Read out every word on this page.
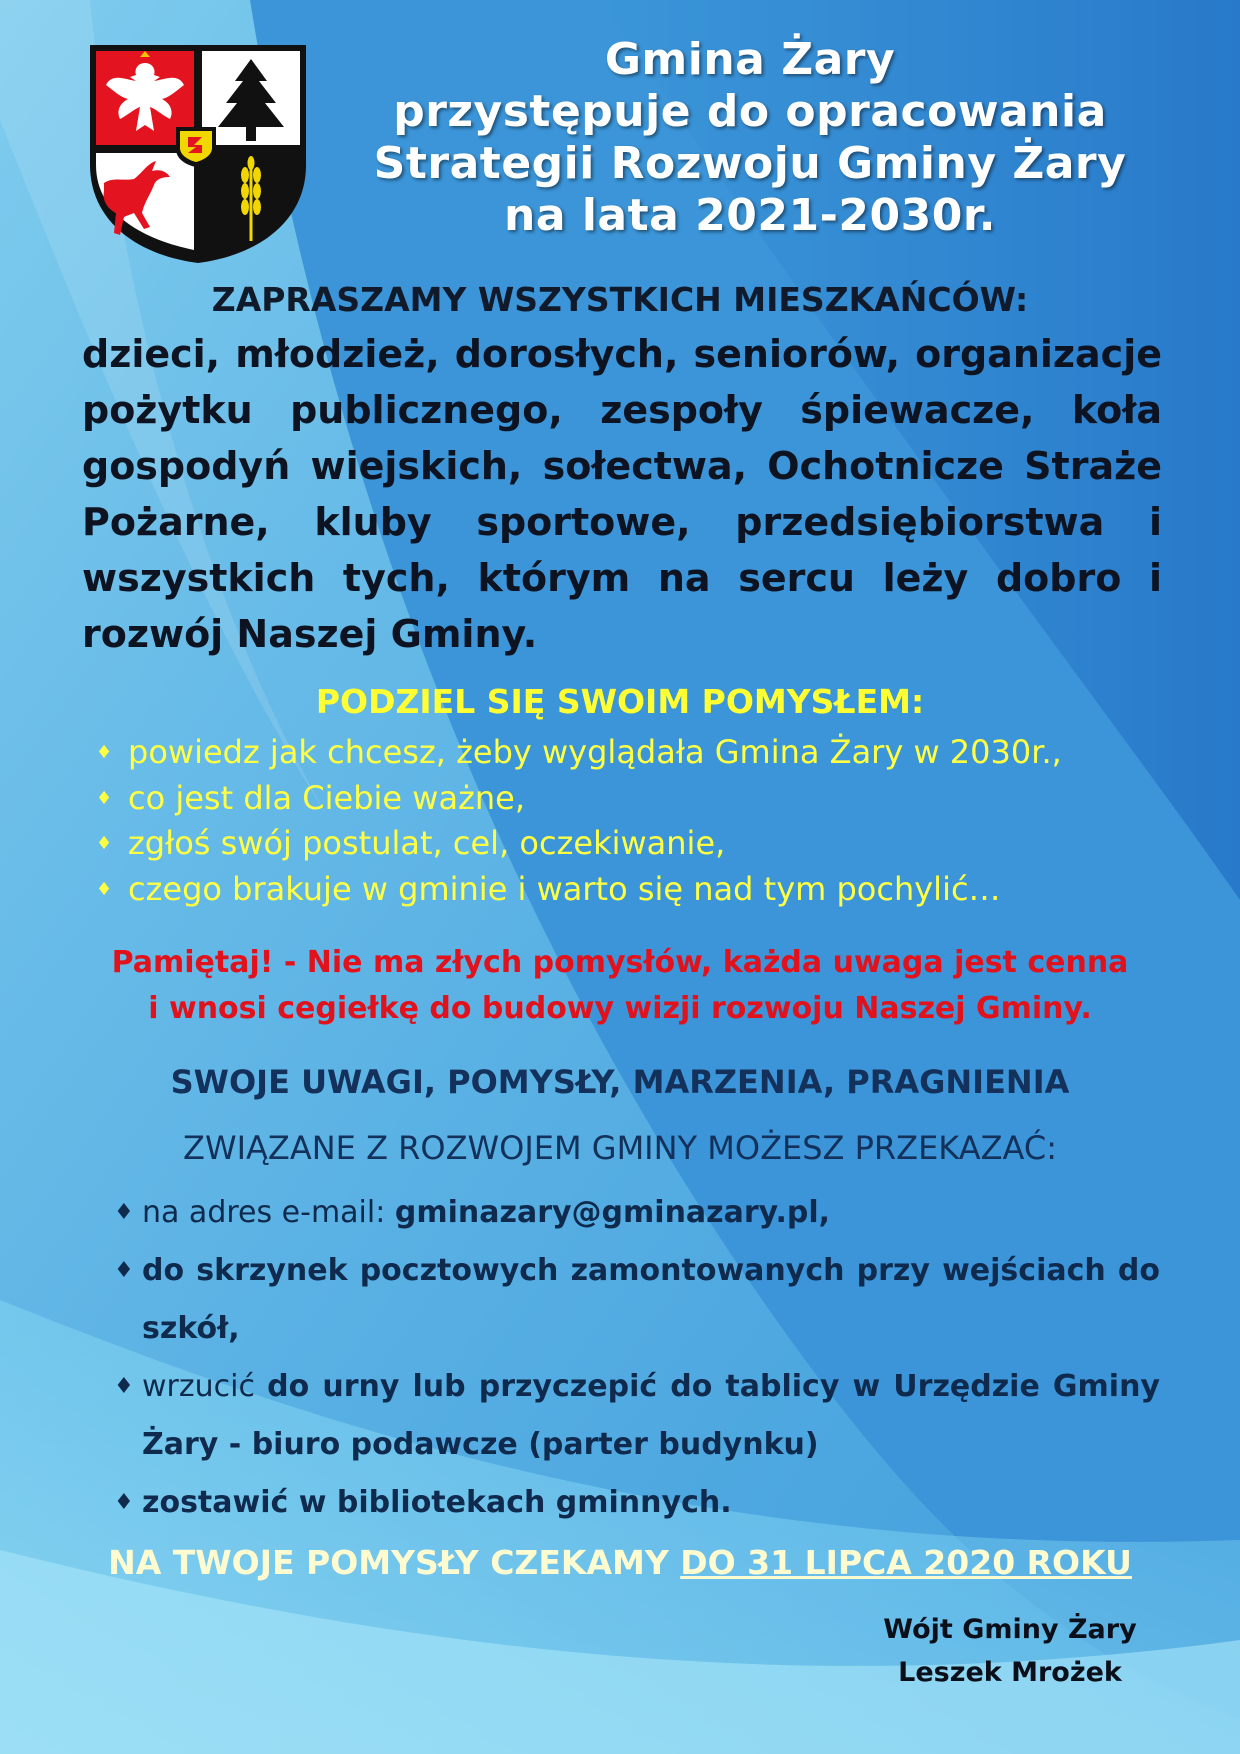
Gmina Żary
przystępuje do opracowania
Strategii Rozwoju Gminy Żary
na lata 2021-2030r.
ZAPRASZAMY WSZYSTKICH MIESZKAŃCÓW:
dzieci, młodzież, dorosłych, seniorów, organizacje pożytku publicznego, zespoły śpiewacze, koła gospodyń wiejskich, sołectwa, Ochotnicze Straże Pożarne, kluby sportowe, przedsiębiorstwa i wszystkich tych, którym na sercu leży dobro i rozwój Naszej Gminy.
PODZIEL SIĘ SWOIM POMYSŁEM:
♦ powiedz jak chcesz, żeby wyglądała Gmina Żary w 2030r.,
♦ co jest dla Ciebie ważne,
♦ zgłoś swój postulat, cel, oczekiwanie,
♦ czego brakuje w gminie i warto się nad tym pochylić…
Pamiętaj! - Nie ma złych pomysłów, każda uwaga jest cenna
i wnosi cegiełkę do budowy wizji rozwoju Naszej Gminy.
SWOJE UWAGI, POMYSŁY, MARZENIA, PRAGNIENIA
ZWIĄZANE Z ROZWOJEM GMINY MOŻESZ PRZEKAZAĆ:
♦ na adres e-mail: gminazary@gminazary.pl,
♦ do skrzynek pocztowych zamontowanych przy wejściach do szkół,
♦ wrzucić do urny lub przyczepić do tablicy w Urzędzie Gminy Żary - biuro podawcze (parter budynku)
♦ zostawić w bibliotekach gminnych.
NA TWOJE POMYSŁY CZEKAMY DO 31 LIPCA 2020 ROKU
Wójt Gminy Żary
Leszek Mrożek
